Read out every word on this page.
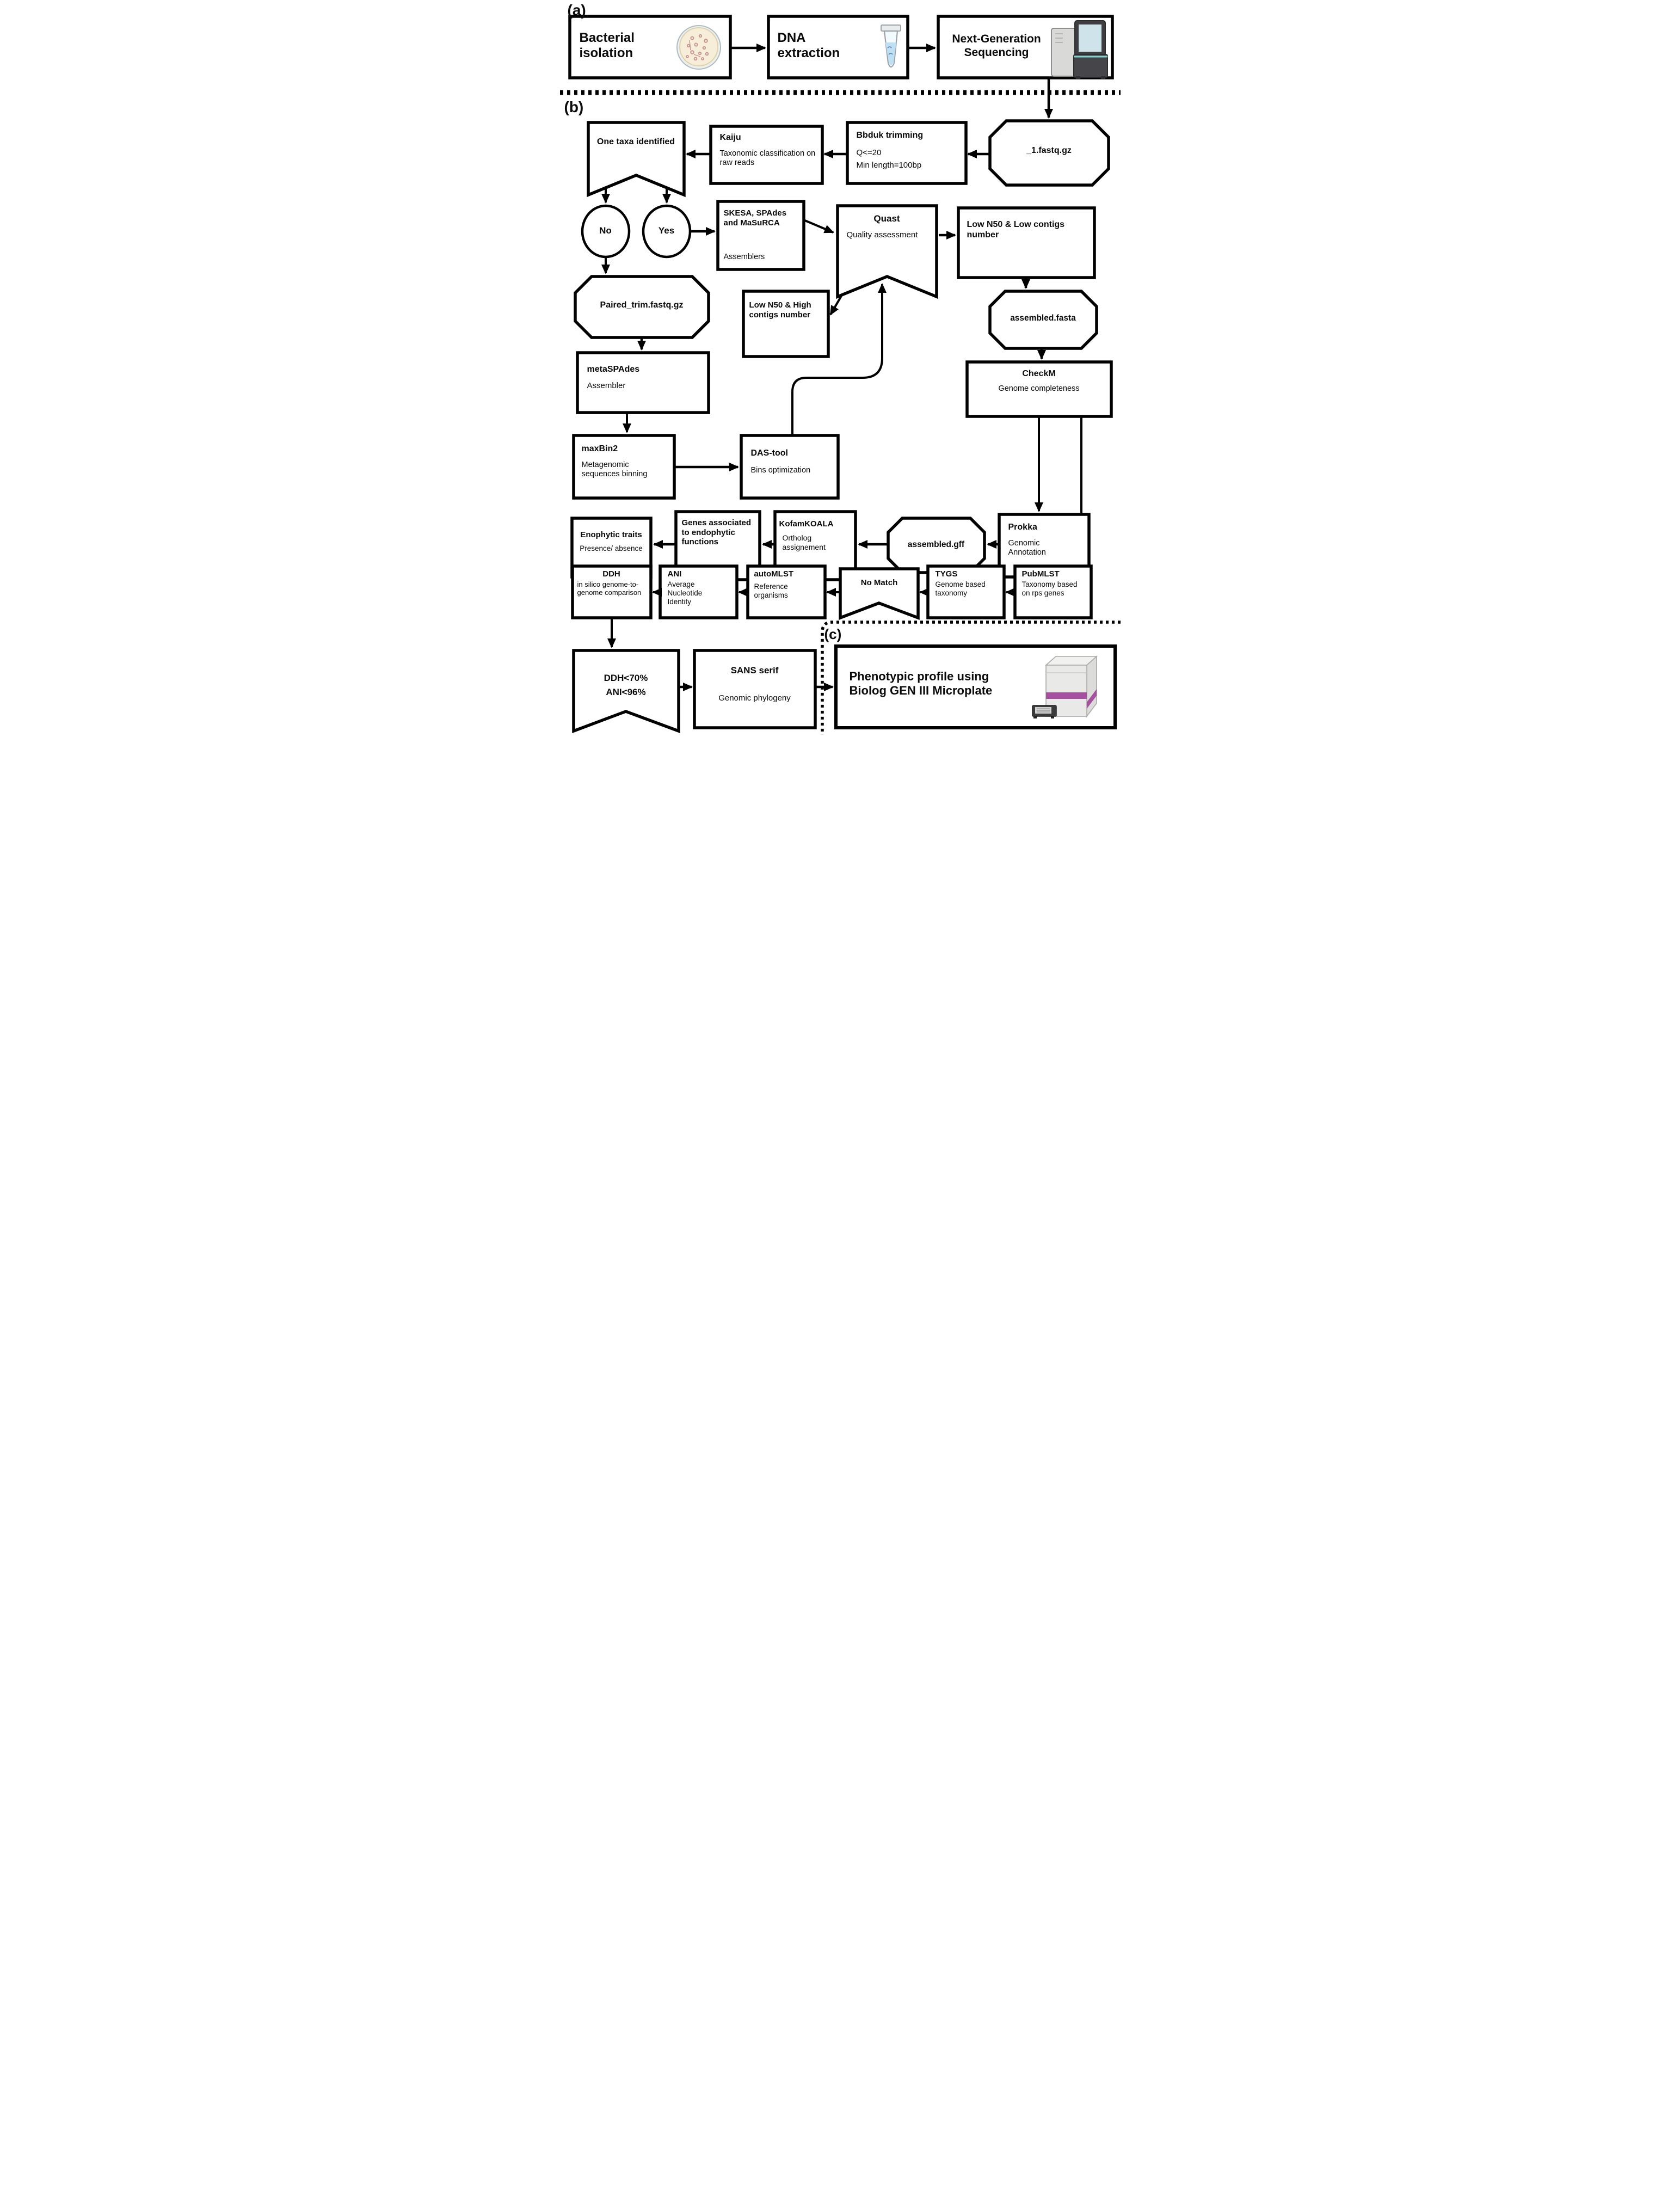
(a)
(b)
(c)
Bacterial isolation
DNA extraction
Next-Generation Sequencing
_1.fastq.gz
Bbduk trimming
Q<=20
Min length=100bp
Kaiju
Taxonomic classification on raw reads
One taxa identified
No	Yes
SKESA, SPAdes and MaSuRCA
Assemblers
Quast
Quality assessment
Low N50 & Low contigs number
Paired_trim.fastq.gz	Low N50 & High contigs number	assembled.fasta
metaSPAdes
Assembler
CheckM
Genome completeness
maxBin2
Metagenomic sequences binning
DAS-tool
Bins optimization
Enophytic traits
Presence/ absence
Genes associated to endophytic functions
KofamKOALA
Ortholog assignement	assembled.gff
Prokka
Genomic Annotation
DDH
in silico genome-to-genome comparison
ANI
Average Nucleotide Identity
autoMLST
Reference organisms
No Match
TYGS
Genome based taxonomy
PubMLST
Taxonomy based on rps genes
DDH<70%
ANI<96%
SANS serif
Genomic phylogeny
Phenotypic profile using Biolog GEN III Microplate
